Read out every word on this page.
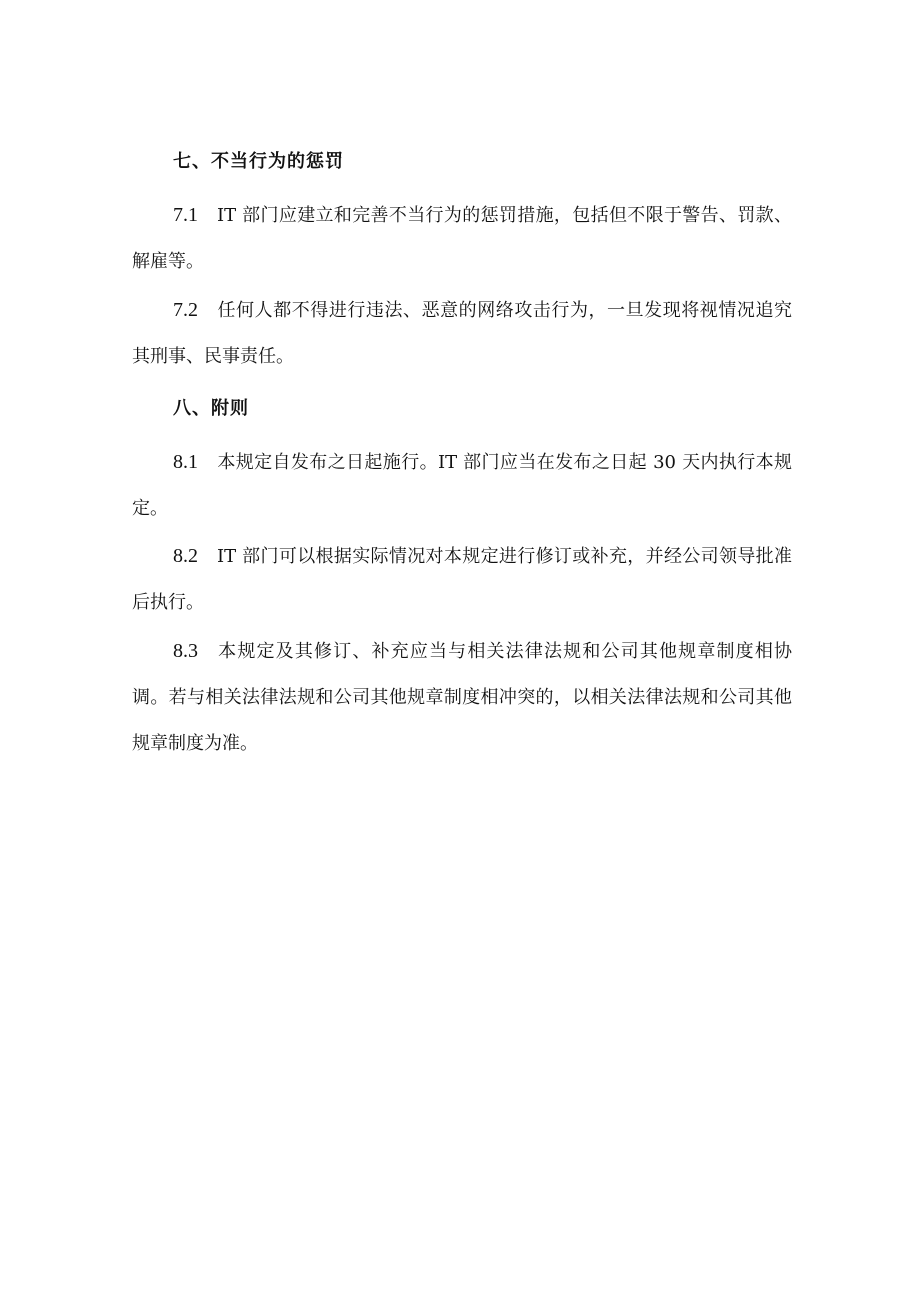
七、不当行为的惩罚

7.1 IT 部门应建立和完善不当行为的惩罚措施，包括但不限于警告、罚款、解雇等。

7.2 任何人都不得进行违法、恶意的网络攻击行为，一旦发现将视情况追究其刑事、民事责任。

八、附则

8.1 本规定自发布之日起施行。IT 部门应当在发布之日起 30 天内执行本规定。

8.2 IT 部门可以根据实际情况对本规定进行修订或补充，并经公司领导批准后执行。

8.3 本规定及其修订、补充应当与相关法律法规和公司其他规章制度相协调。若与相关法律法规和公司其他规章制度相冲突的，以相关法律法规和公司其他规章制度为准。
